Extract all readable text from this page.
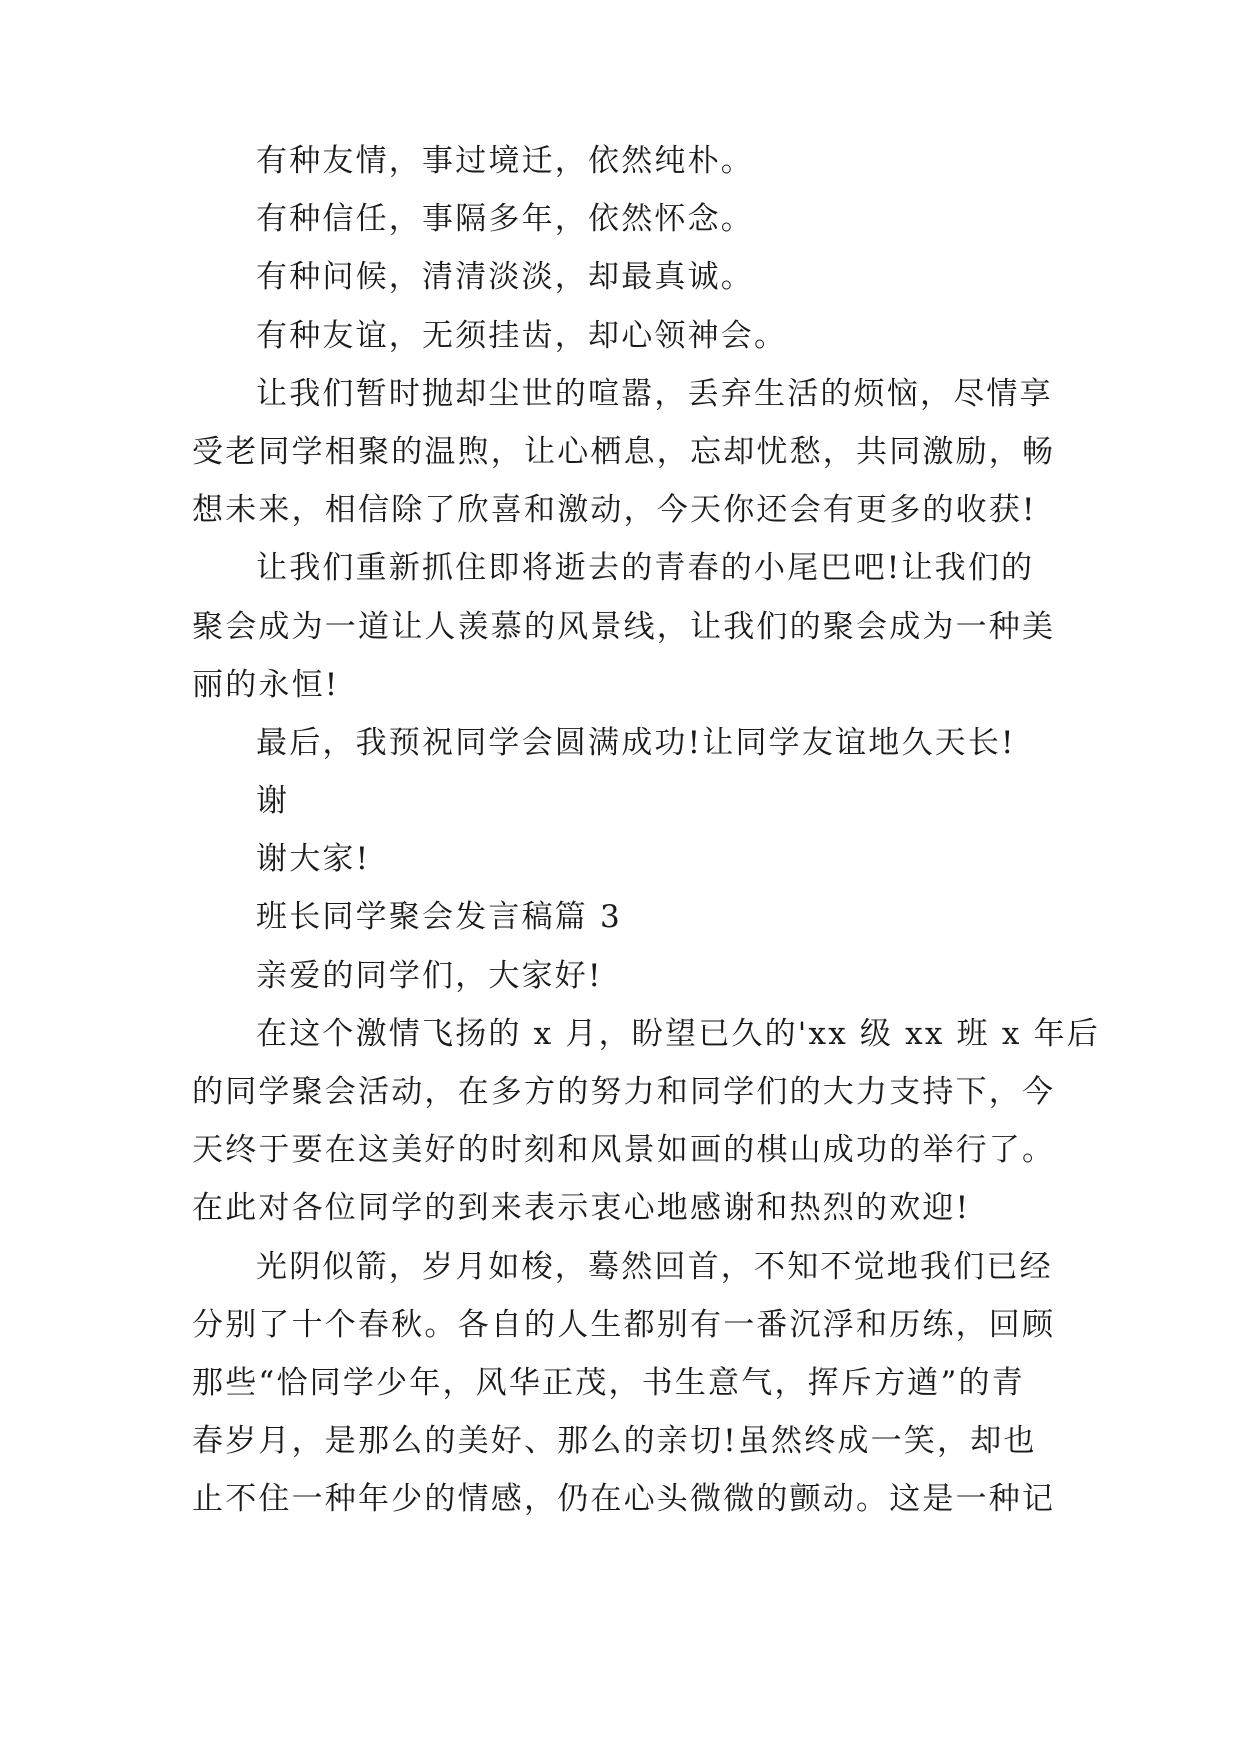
有种友情，事过境迁，依然纯朴。
有种信任，事隔多年，依然怀念。
有种问候，清清淡淡，却最真诚。
有种友谊，无须挂齿，却心领神会。
让我们暂时抛却尘世的喧嚣，丢弃生活的烦恼，尽情享
受老同学相聚的温煦，让心栖息，忘却忧愁，共同激励，畅
想未来，相信除了欣喜和激动，今天你还会有更多的收获!
让我们重新抓住即将逝去的青春的小尾巴吧!让我们的
聚会成为一道让人羡慕的风景线，让我们的聚会成为一种美
丽的永恒!
最后，我预祝同学会圆满成功!让同学友谊地久天长!
谢
谢大家!
班长同学聚会发言稿篇 3
亲爱的同学们，大家好!
在这个激情飞扬的 x 月，盼望已久的'xx 级 xx 班 x 年后
的同学聚会活动，在多方的努力和同学们的大力支持下，今
天终于要在这美好的时刻和风景如画的棋山成功的举行了。
在此对各位同学的到来表示衷心地感谢和热烈的欢迎!
光阴似箭，岁月如梭，蓦然回首，不知不觉地我们已经
分别了十个春秋。各自的人生都别有一番沉浮和历练，回顾
那些“恰同学少年，风华正茂，书生意气，挥斥方遒”的青
春岁月，是那么的美好、那么的亲切!虽然终成一笑，却也
止不住一种年少的情感，仍在心头微微的颤动。这是一种记
